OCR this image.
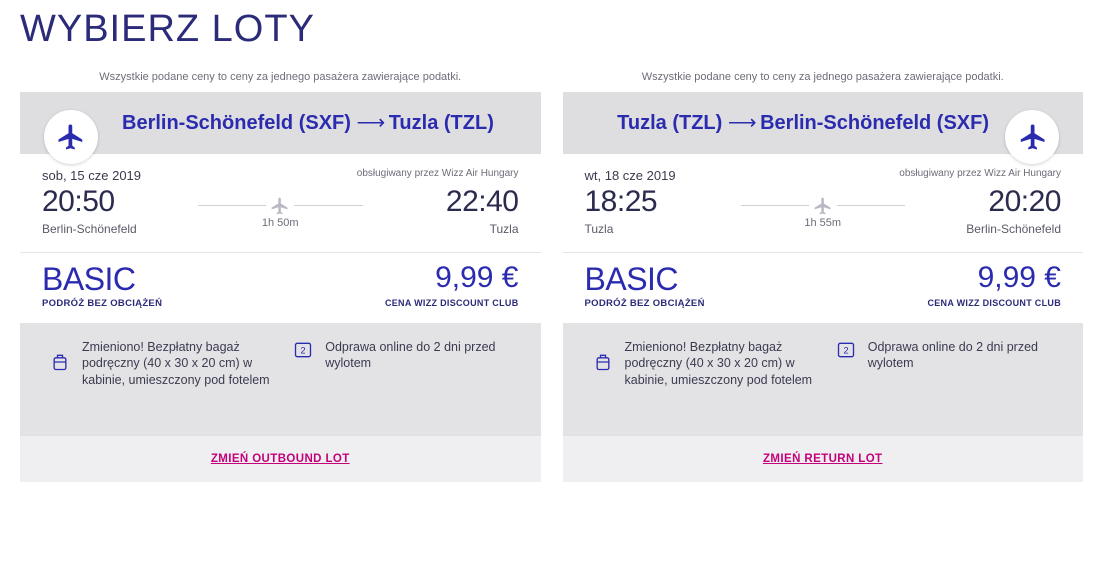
WYBIERZ LOTY
Wszystkie podane ceny to ceny za jednego pasażera zawierające podatki.
Berlin-Schönefeld (SXF) ⟶ Tuzla (TZL)
sob, 15 cze 2019	obsługiwany przez Wizz Air Hungary
20:50
Berlin-Schönefeld	1h 50m
22:40
Tuzla
BASIC
PODRÓŻ BEZ OBCIĄŻEŃ
9,99 €
CENA WIZZ DISCOUNT CLUB
Zmieniono! Bezpłatny bagaż podręczny (40 x 30 x 20 cm) w kabinie, umieszczony pod fotelem
2 Odprawa online do 2 dni przed wylotem
ZMIEŃ OUTBOUND LOT
Wszystkie podane ceny to ceny za jednego pasażera zawierające podatki.
Tuzla (TZL) ⟶ Berlin-Schönefeld (SXF)
wt, 18 cze 2019	obsługiwany przez Wizz Air Hungary
18:25
Tuzla	1h 55m
20:20
Berlin-Schönefeld
BASIC
PODRÓŻ BEZ OBCIĄŻEŃ
9,99 €
CENA WIZZ DISCOUNT CLUB
Zmieniono! Bezpłatny bagaż podręczny (40 x 30 x 20 cm) w kabinie, umieszczony pod fotelem
2 Odprawa online do 2 dni przed wylotem
ZMIEŃ RETURN LOT
